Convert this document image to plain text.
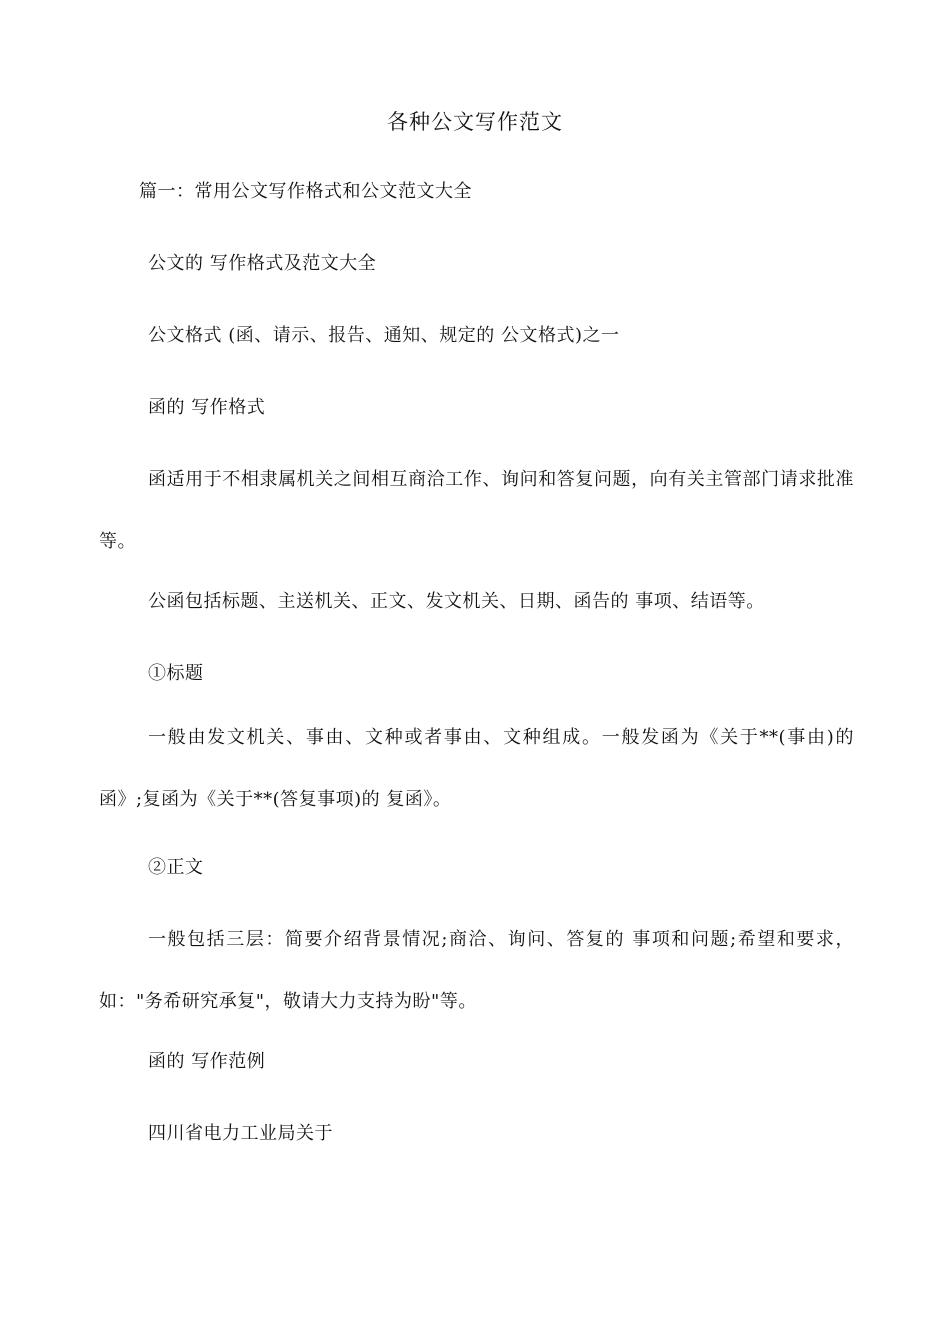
各种公文写作范文
篇一：常用公文写作格式和公文范文大全
公文的 写作格式及范文大全
公文格式 (函、请示、报告、通知、规定的 公文格式)之一
函的 写作格式
函适用于不相隶属机关之间相互商洽工作、询问和答复问题，向有关主管部门请求批准等。
公函包括标题、主送机关、正文、发文机关、日期、函告的 事项、结语等。
①标题
一般由发文机关、事由、文种或者事由、文种组成。一般发函为《关于**(事由)的 函》;复函为《关于**(答复事项)的 复函》。
②正文
一般包括三层：简要介绍背景情况;商洽、询问、答复的 事项和问题;希望和要求，如："务希研究承复"，敬请大力支持为盼"等。
函的 写作范例
四川省电力工业局关于
